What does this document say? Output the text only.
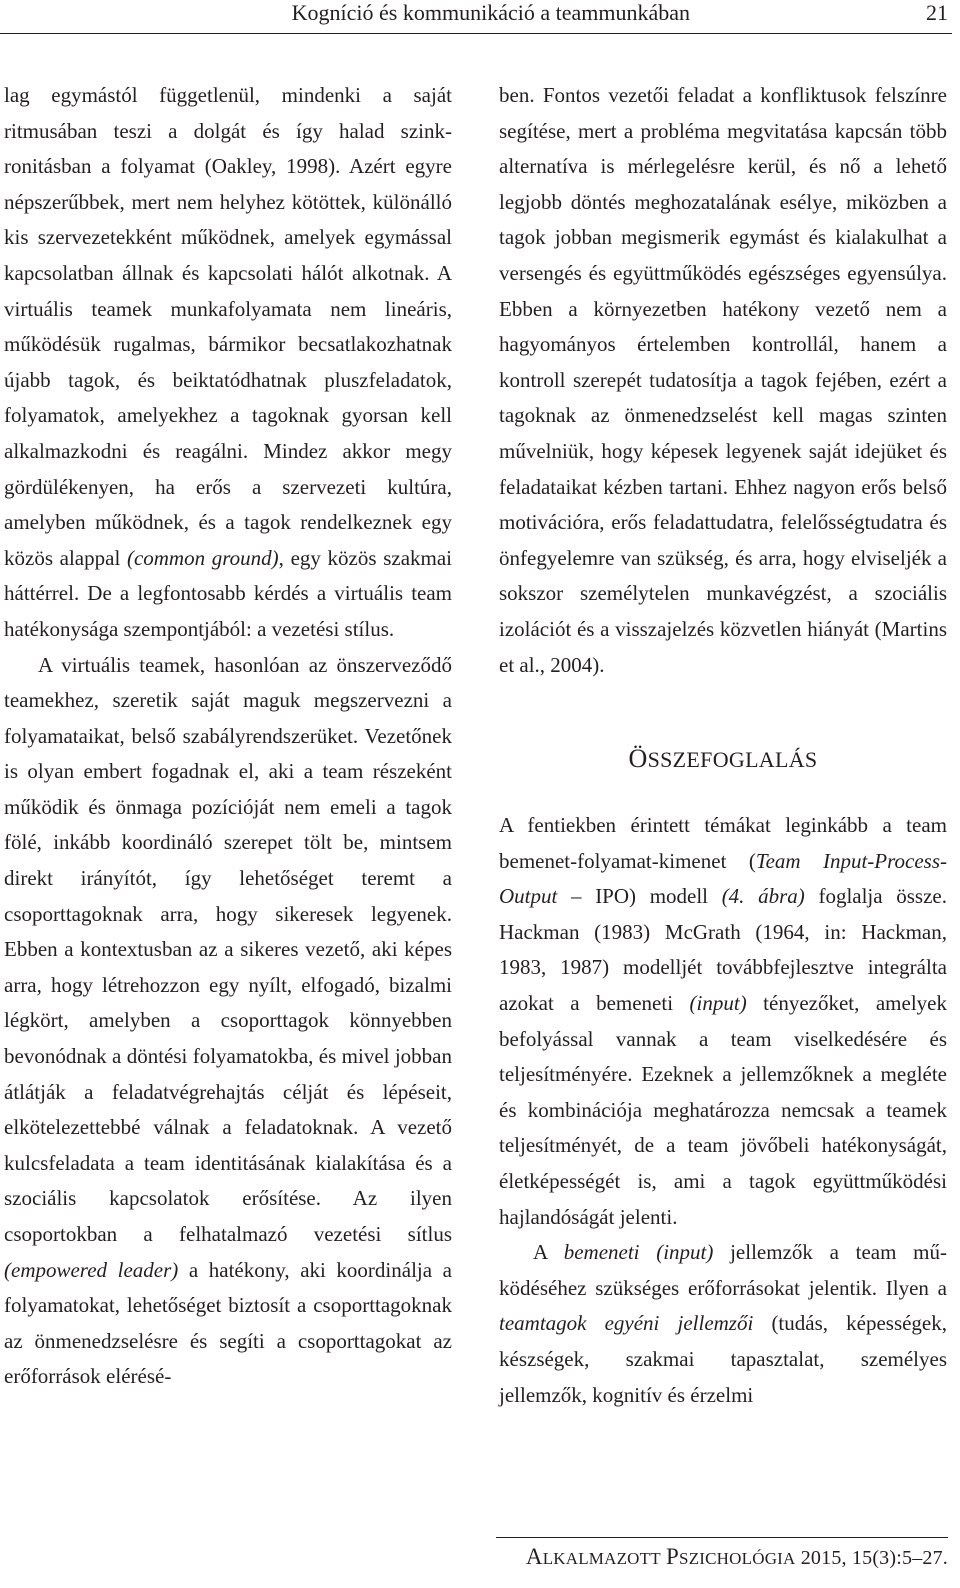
Kogníció és kommunikáció a teammunkában	21

lag egymástól függetlenül, mindenki a saját ritmusában teszi a dolgát és így halad szinkronitásban a folyamat (Oakley, 1998). Azért egyre népszerűbbek, mert nem helyhez kötöttek, különálló kis szervezetekként működnek, amelyek egymással kapcsolatban állnak és kapcsolati hálót alkotnak. A virtuális teamek munkafolyamata nem lineáris, működésük rugalmas, bármikor becsatlakozhatnak újabb tagok, és beiktatódhatnak pluszfeladatok, folyamatok, amelyekhez a tagoknak gyorsan kell alkalmazkodni és reagálni. Mindez akkor megy gördülékenyen, ha erős a szervezeti kultúra, amelyben működnek, és a tagok rendelkeznek egy közös alappal (common ground), egy közös szakmai háttérrel. De a legfontosabb kérdés a virtuális team hatékonysága szempontjából: a vezetési stílus.

A virtuális teamek, hasonlóan az önszerveződő teamekhez, szeretik saját maguk megszervezni a folyamataikat, belső szabályrendszerüket. Vezetőnek is olyan embert fogadnak el, aki a team részeként működik és önmaga pozícióját nem emeli a tagok fölé, inkább koordináló szerepet tölt be, mintsem direkt irányítót, így lehetőséget teremt a csoporttagoknak arra, hogy sikeresek legyenek. Ebben a kontextusban az a sikeres vezető, aki képes arra, hogy létrehozzon egy nyílt, elfogadó, bizalmi légkört, amelyben a csoporttagok könnyebben bevonódnak a döntési folyamatokba, és mivel jobban átlátják a feladatvégrehajtás célját és lépéseit, elkötelezettebbé válnak a feladatoknak. A vezető kulcsfeladata a team identitásának kialakítása és a szociális kapcsolatok erősítése. Az ilyen csoportokban a felhatalmazó vezetési sítlus (empowered leader) a hatékony, aki koordinálja a folyamatokat, lehetőséget biztosít a csoporttagoknak az önmenedzselésre és segíti a csoporttagokat az erőforrások elérésé-

ben. Fontos vezetői feladat a konfliktusok felszínre segítése, mert a probléma megvitatása kapcsán több alternatíva is mérlegelésre kerül, és nő a lehető legjobb döntés meghozatalának esélye, miközben a tagok jobban megismerik egymást és kialakulhat a versengés és együttműködés egészséges egyensúlya. Ebben a környezetben hatékony vezető nem a hagyományos értelemben kontrollál, hanem a kontroll szerepét tudatosítja a tagok fejében, ezért a tagoknak az önmenedzselést kell magas szinten művelniük, hogy képesek legyenek saját idejüket és feladataikat kézben tartani. Ehhez nagyon erős belső motivációra, erős feladattudatra, felelősségtudatra és önfegyelemre van szükség, és arra, hogy elviseljék a sokszor személytelen munkavégzést, a szociális izolációt és a visszajelzés közvetlen hiányát (Martins et al., 2004).

ÖSSZEFOGLALÁS

A fentiekben érintett témákat leginkább a team bemenet-folyamat-kimenet (Team Input-Process-Output – IPO) modell (4. ábra) foglalja össze. Hackman (1983) McGrath (1964, in: Hackman, 1983, 1987) modelljét továbbfejlesztve integrálta azokat a bemeneti (input) tényezőket, amelyek befolyással vannak a team viselkedésére és teljesítményére. Ezeknek a jellemzőknek a megléte és kombinációja meghatározza nemcsak a teamek teljesítményét, de a team jövőbeli hatékonyságát, életképességét is, ami a tagok együttműködési hajlandóságát jelenti.

A bemeneti (input) jellemzők a team működéséhez szükséges erőforrásokat jelentik. Ilyen a teamtagok egyéni jellemzői (tudás, képességek, készségek, szakmai tapasztalat, személyes jellemzők, kognitív és érzelmi

ALKALMAZOTT PSZICHOLÓGIA 2015, 15(3):5–27.
